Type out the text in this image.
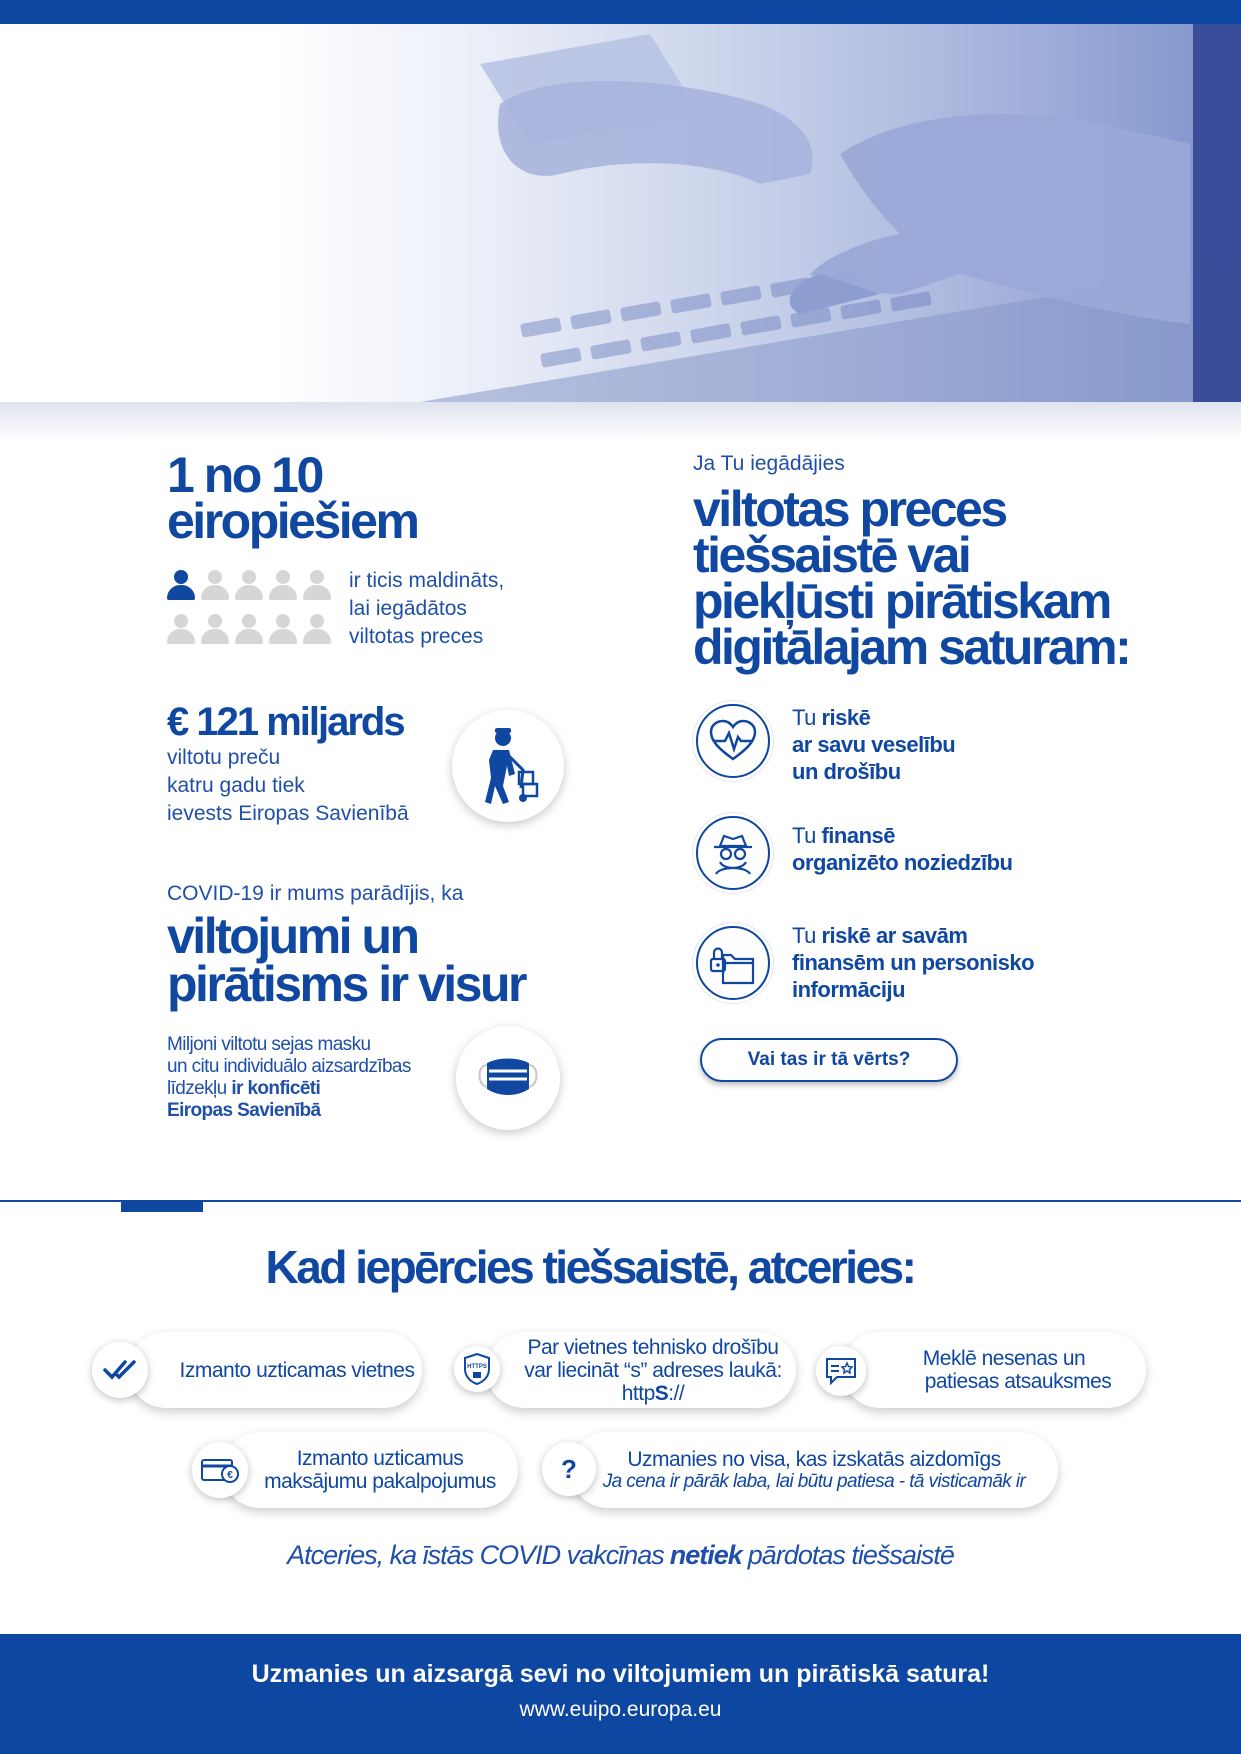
1 no 10
eiropiešiem
ir ticis maldināts,
lai iegādātos
viltotas preces
€ 121 miljards
viltotu preču
katru gadu tiek
ievests Eiropas Savienībā
COVID-19 ir mums parādījis, ka
viltojumi un
pirātisms ir visur
Miljoni viltotu sejas masku
un citu individuālo aizsardzības
līdzekļu ir konficēti
Eiropas Savienībā
Ja Tu iegādājies
viltotas preces
tiešsaistē vai
piekļūsti pirātiskam
digitālajam saturam:
Tu riskē
ar savu veselību
un drošību
Tu finansē
organizēto noziedzību
Tu riskē ar savām
finansēm un personisko
informāciju
Vai tas ir tā vērts?
Kad iepērcies tiešsaistē, atceries:
Izmanto uzticamas vietnes
Par vietnes tehnisko drošību
var liecināt “s” adreses laukā:
httpS://
HTTPS	Meklē nesenas un
patiesas atsauksmes
Izmanto uzticamus
maksājumu pakalpojumus
€
Uzmanies no visa, kas izskatās aizdomīgs
Ja cena ir pārāk laba, lai būtu patiesa - tā visticamāk ir
?
Atceries, ka īstās COVID vakcīnas netiek pārdotas tiešsaistē
Uzmanies un aizsargā sevi no viltojumiem un pirātiskā satura!
www.euipo.europa.eu
